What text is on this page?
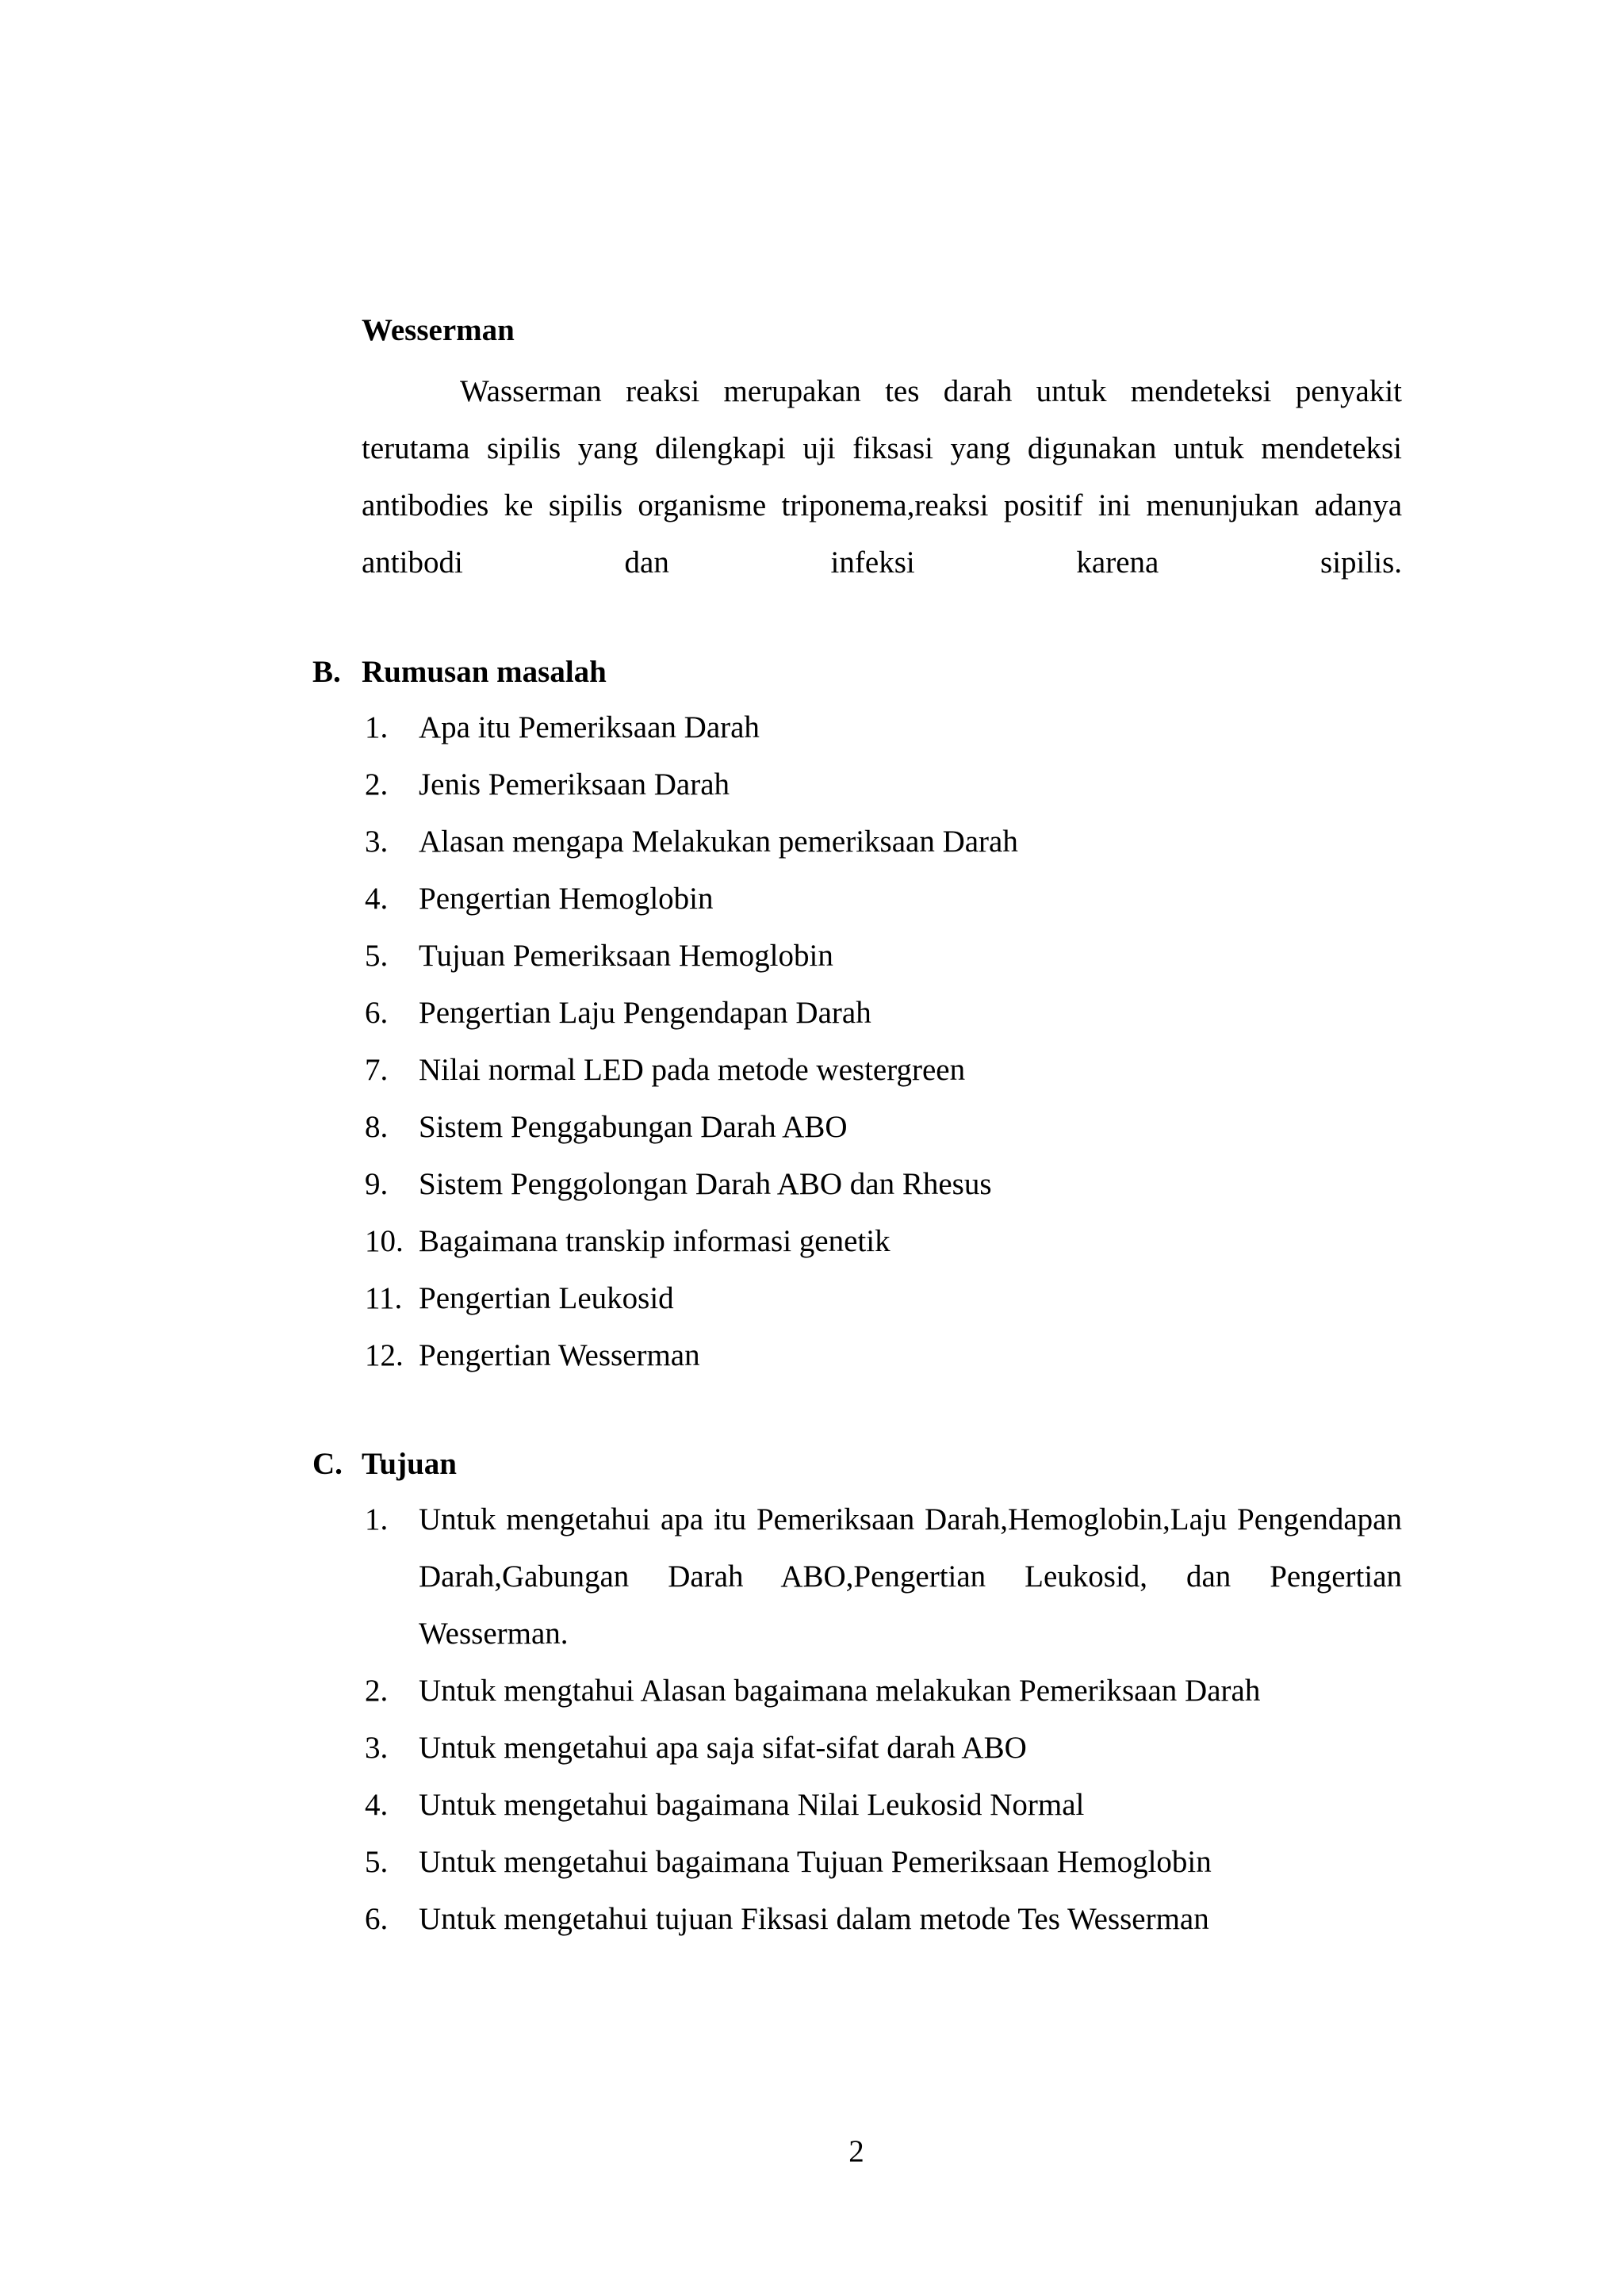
Wesserman
Wasserman reaksi merupakan tes darah untuk mendeteksi penyakit terutama sipilis yang dilengkapi uji fiksasi yang digunakan untuk mendeteksi antibodies ke sipilis organisme triponema,reaksi positif ini menunjukan adanya antibodi dan infeksi karena sipilis.
B. Rumusan masalah
1. Apa itu Pemeriksaan Darah
2. Jenis Pemeriksaan Darah
3. Alasan mengapa Melakukan pemeriksaan Darah
4. Pengertian Hemoglobin
5. Tujuan Pemeriksaan Hemoglobin
6. Pengertian Laju Pengendapan Darah
7. Nilai normal LED pada metode westergreen
8. Sistem Penggabungan Darah ABO
9. Sistem Penggolongan Darah ABO dan Rhesus
10. Bagaimana transkip informasi genetik
11. Pengertian Leukosid
12. Pengertian Wesserman
C. Tujuan
1. Untuk mengetahui apa itu Pemeriksaan Darah,Hemoglobin,Laju Pengendapan Darah,Gabungan Darah ABO,Pengertian Leukosid, dan Pengertian Wesserman.
2. Untuk mengtahui Alasan bagaimana melakukan Pemeriksaan Darah
3. Untuk mengetahui apa saja sifat-sifat darah ABO
4. Untuk mengetahui bagaimana Nilai Leukosid Normal
5. Untuk mengetahui bagaimana Tujuan Pemeriksaan Hemoglobin
6. Untuk mengetahui tujuan Fiksasi dalam metode Tes Wesserman
2
